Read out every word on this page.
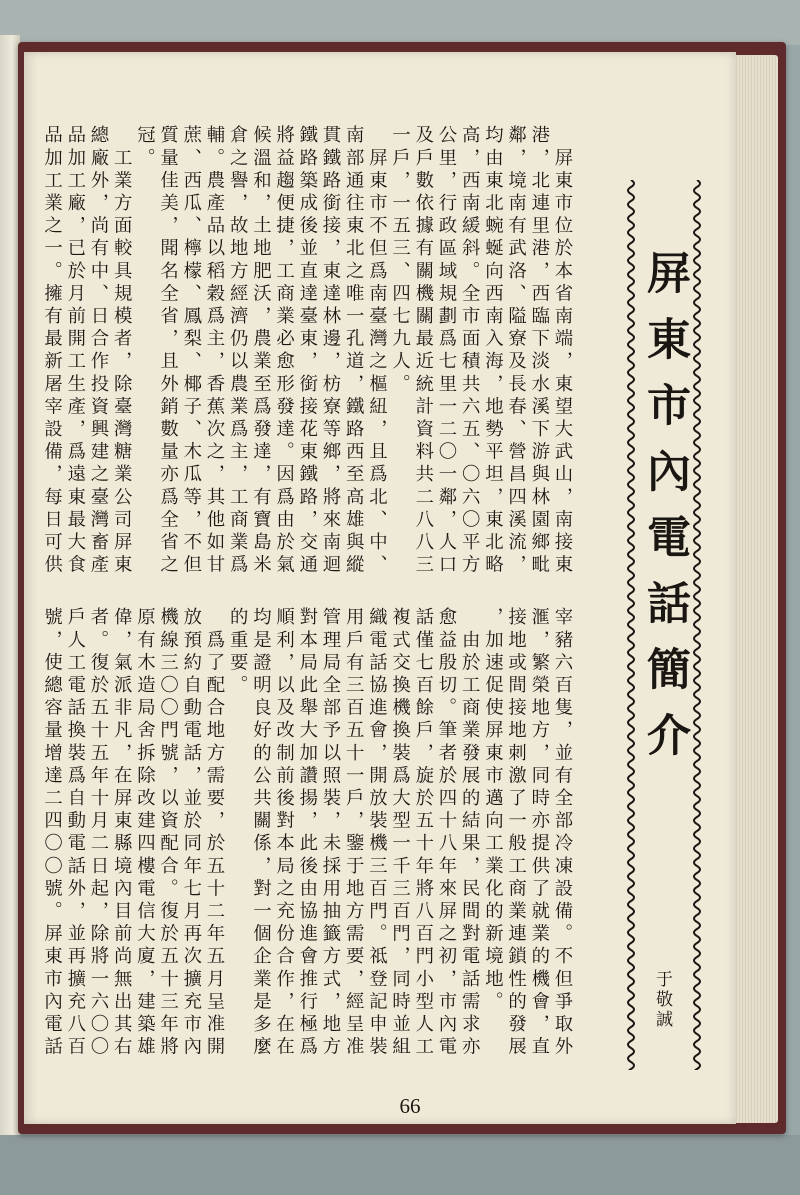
屏東市內電話簡介

于敬誠

　屏東市位於本省南端，東望大武山，南接東
港，北連里港，西臨下淡水溪下游與林園鄉毗
鄰，境南有武洛、隘寮及長春、營昌四溪流，
均由東北蜿蜒向西南入海，地勢平坦，東北略
高，西南緩斜。全市面積共六五、〇六〇平方
公里，行政區域規劃爲七里一二〇一鄰，人口
及戶數依據有關機關最近統計資料共二八八三
一戶，一五三、四七九人。
　屏東市不但爲南臺灣之樞紐，且爲北、中、
南部通往東北之唯一孔道，鐵路西至高雄與縱
貫鐵路銜接，東達林邊，枋寮等鄉，將來南迴
鐵路築成後並直達臺東，銜接花東鐵路，交通
將益趨便捷，工商業必愈形發達。因爲由於氣
候溫和，土地肥沃，農業至爲發達，有寶島米
倉之譽，故地方經濟仍以農業爲主，工商業爲
輔。農產品以稻穀爲主，香蕉次之，其他如甘
蔗、西瓜、檸檬、鳳梨、椰子、木瓜等，不但
質量佳美，聞名全省，且外銷數量亦爲全省之
冠。
　工業方面較具規模者，除臺灣糖業公司屏東
總廠外，尚有中、日合作投資興建之臺灣畜產
品加工廠，已於月前開工生產，爲遠東最大食
品加工業之一。擁有最新屠宰設備，每日可供
宰豬六百隻，並有全部冷凍設備。不但爭取外
滙，繁榮地方，同時亦提供了就業的機會，直
接地或間接地刺激了一般工商業連鎖性的發展
，加速促使屏東市邁向工業化的新境地。
　由於工商業發展的結果，民間對電話需求亦
愈益殷切。筆者於四十八年來屏之初，市內電
話僅七百餘戶，旋於五十年將八百門小型人工
複式交換機換裝爲大型一千三百門，同時並組
織電話協進會，開放裝機三百門。祗登記申裝
用戶有三百五十一戶，鑒于地方需要，經呈准
管理局全部予以照裝，未採用抽籤方式，地方
對本局此舉大加讚揚，此後由協進會推行極爲
順利，以及改制前後對本局之充份合作，在在
均是證明良好的公共關係，對一個企業是多麼
的重要。
　爲了配合地方需要，於五十二年五月呈准開
放預約自動電話，並於同年七月再次擴充市內
機線三〇〇門號，以資配合。復於五十三年將
原有木造局舍拆除改建四樓電信大廈，建築雄
偉，氣派非凡，在屏東縣境內目前尚無出其右
者。復於五十五年十月二日起，除將一六〇〇
戶人工電話換裝爲自動電話外，並再擴充八百
號，使總容量增達二四〇〇號。屏東市內電話

66
